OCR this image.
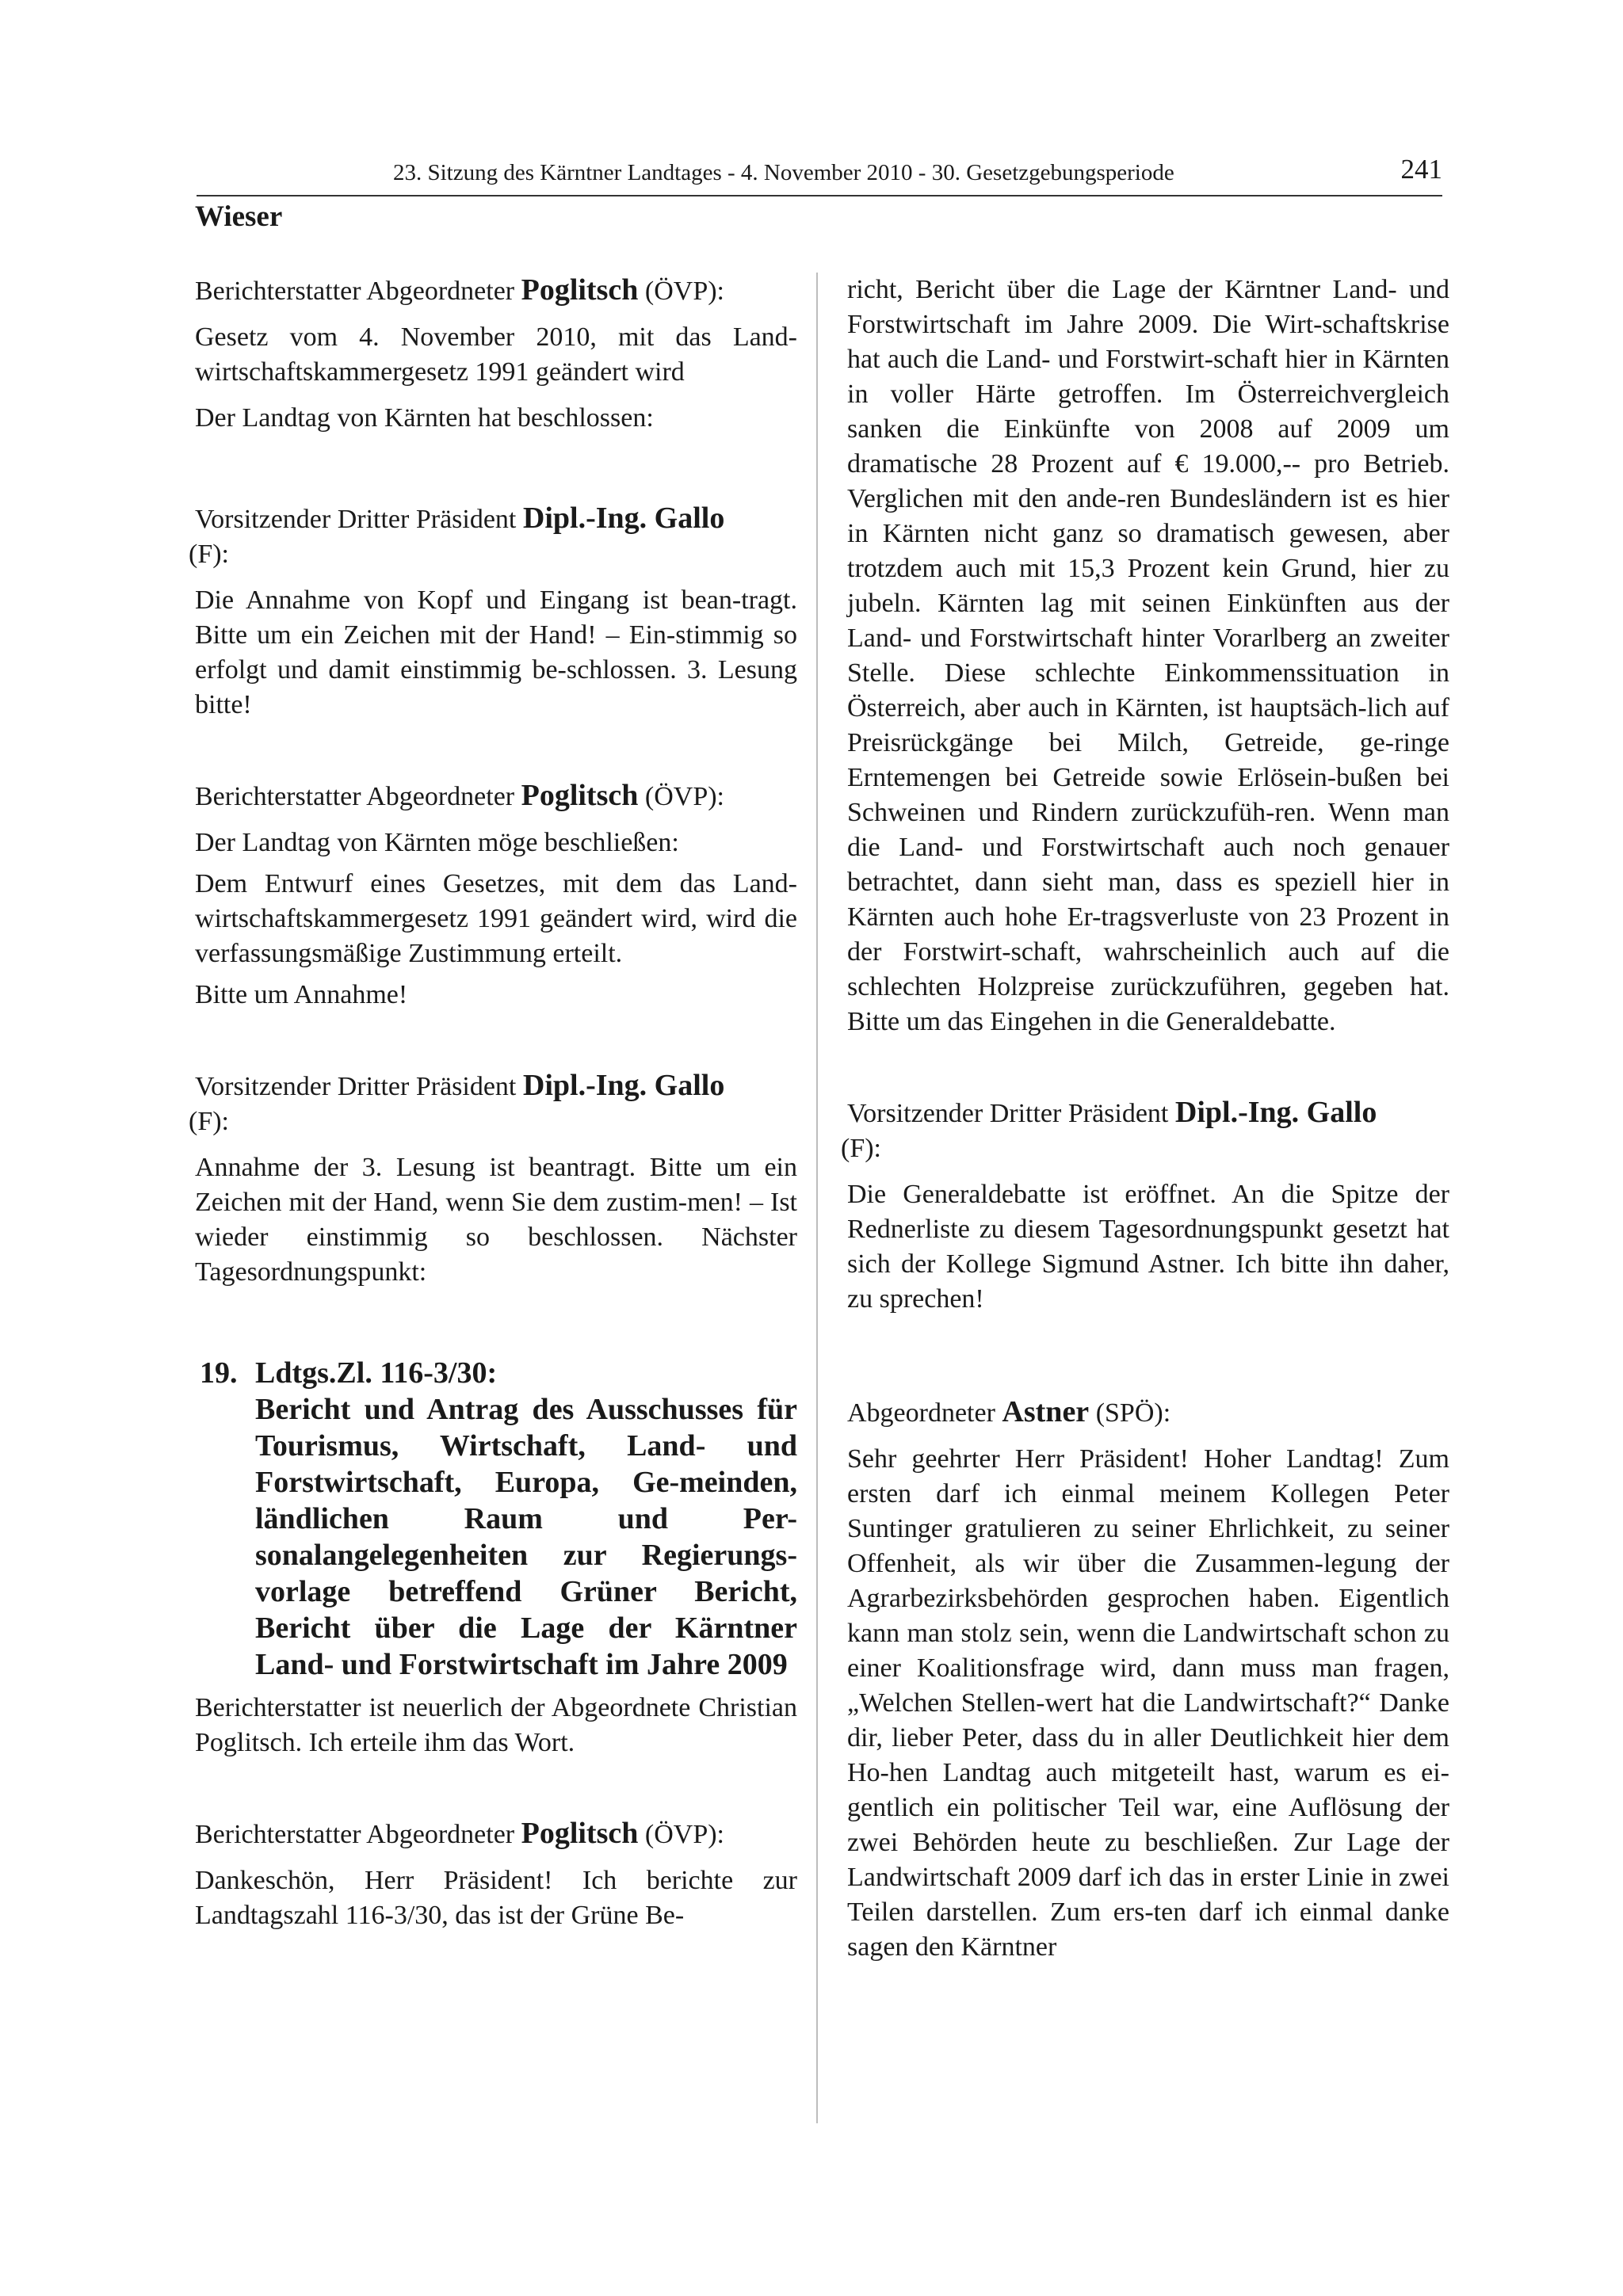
23. Sitzung des Kärntner Landtages - 4. November 2010 - 30. Gesetzgebungsperiode	241
Wieser

Berichterstatter Abgeordneter Poglitsch (ÖVP):

Gesetz vom 4. November 2010, mit das Land-wirtschaftskammergesetz 1991 geändert wird

Der Landtag von Kärnten hat beschlossen:

Vorsitzender Dritter Präsident Dipl.-Ing. Gallo
(F):

Die Annahme von Kopf und Eingang ist bean-tragt. Bitte um ein Zeichen mit der Hand! – Ein-stimmig so erfolgt und damit einstimmig be-schlossen. 3. Lesung bitte!

Berichterstatter Abgeordneter Poglitsch (ÖVP):

Der Landtag von Kärnten möge beschließen:

Dem Entwurf eines Gesetzes, mit dem das Land-wirtschaftskammergesetz 1991 geändert wird, wird die verfassungsmäßige Zustimmung erteilt.

Bitte um Annahme!

Vorsitzender Dritter Präsident Dipl.-Ing. Gallo
(F):

Annahme der 3. Lesung ist beantragt. Bitte um ein Zeichen mit der Hand, wenn Sie dem zustim-men! – Ist wieder einstimmig so beschlossen. Nächster Tagesordnungspunkt:

19. Ldtgs.Zl. 116-3/30:
Bericht und Antrag des Ausschusses für Tourismus, Wirtschaft, Land- und Forstwirtschaft, Europa, Ge-meinden, ländlichen Raum und Per-sonalangelegenheiten zur Regierungs-vorlage betreffend Grüner Bericht, Bericht über die Lage der Kärntner Land- und Forstwirtschaft im Jahre 2009

Berichterstatter ist neuerlich der Abgeordnete Christian Poglitsch. Ich erteile ihm das Wort.

Berichterstatter Abgeordneter Poglitsch (ÖVP):

Dankeschön, Herr Präsident! Ich berichte zur Landtagszahl 116-3/30, das ist der Grüne Be-

richt, Bericht über die Lage der Kärntner Land- und Forstwirtschaft im Jahre 2009. Die Wirt-schaftskrise hat auch die Land- und Forstwirt-schaft hier in Kärnten in voller Härte getroffen. Im Österreichvergleich sanken die Einkünfte von 2008 auf 2009 um dramatische 28 Prozent auf € 19.000,-- pro Betrieb. Verglichen mit den ande-ren Bundesländern ist es hier in Kärnten nicht ganz so dramatisch gewesen, aber trotzdem auch mit 15,3 Prozent kein Grund, hier zu jubeln. Kärnten lag mit seinen Einkünften aus der Land- und Forstwirtschaft hinter Vorarlberg an zweiter Stelle. Diese schlechte Einkommenssituation in Österreich, aber auch in Kärnten, ist hauptsäch-lich auf Preisrückgänge bei Milch, Getreide, ge-ringe Erntemengen bei Getreide sowie Erlösein-bußen bei Schweinen und Rindern zurückzufüh-ren. Wenn man die Land- und Forstwirtschaft auch noch genauer betrachtet, dann sieht man, dass es speziell hier in Kärnten auch hohe Er-tragsverluste von 23 Prozent in der Forstwirt-schaft, wahrscheinlich auch auf die schlechten Holzpreise zurückzuführen, gegeben hat. Bitte um das Eingehen in die Generaldebatte.

Vorsitzender Dritter Präsident Dipl.-Ing. Gallo
(F):

Die Generaldebatte ist eröffnet. An die Spitze der Rednerliste zu diesem Tagesordnungspunkt gesetzt hat sich der Kollege Sigmund Astner. Ich bitte ihn daher, zu sprechen!

Abgeordneter Astner (SPÖ):

Sehr geehrter Herr Präsident! Hoher Landtag! Zum ersten darf ich einmal meinem Kollegen Peter Suntinger gratulieren zu seiner Ehrlichkeit, zu seiner Offenheit, als wir über die Zusammen-legung der Agrarbezirksbehörden gesprochen haben. Eigentlich kann man stolz sein, wenn die Landwirtschaft schon zu einer Koalitionsfrage wird, dann muss man fragen, „Welchen Stellen-wert hat die Landwirtschaft?“ Danke dir, lieber Peter, dass du in aller Deutlichkeit hier dem Ho-hen Landtag auch mitgeteilt hast, warum es ei-gentlich ein politischer Teil war, eine Auflösung der zwei Behörden heute zu beschließen. Zur Lage der Landwirtschaft 2009 darf ich das in erster Linie in zwei Teilen darstellen. Zum ers-ten darf ich einmal danke sagen den Kärntner
